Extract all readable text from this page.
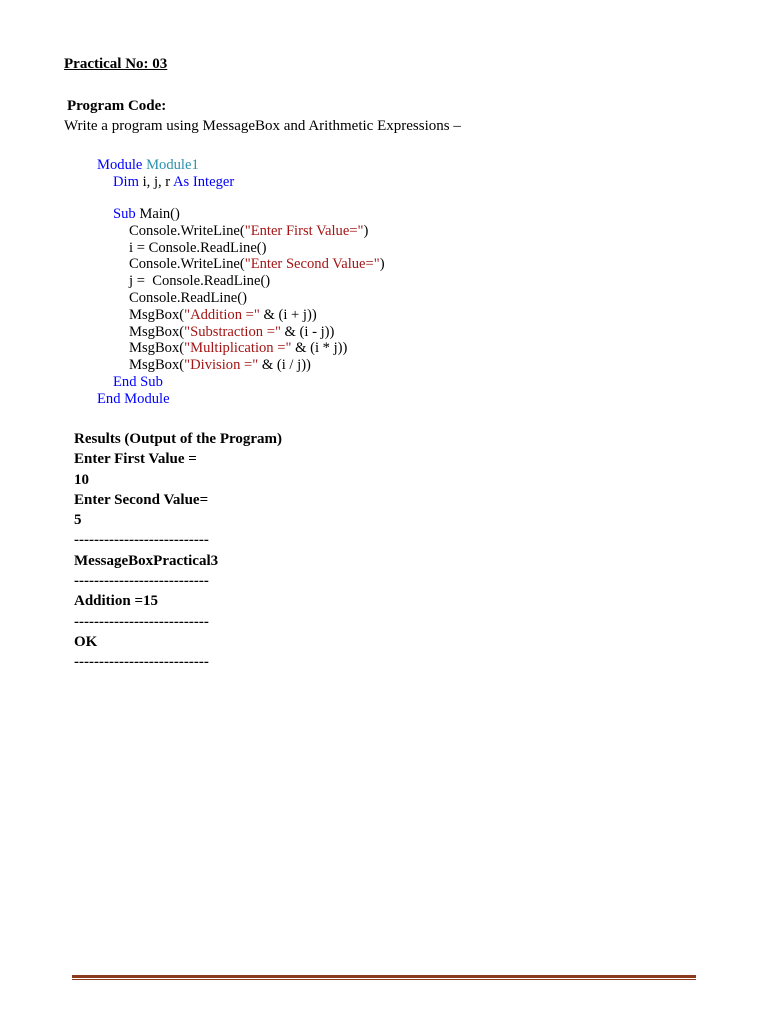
Practical No: 03
Program Code:
Write a program using MessageBox and Arithmetic Expressions –
Module Module1
Dim i, j, r As Integer
Sub Main()
Console.WriteLine("Enter First Value=")
i = Console.ReadLine()
Console.WriteLine("Enter Second Value=")
j =  Console.ReadLine()
Console.ReadLine()
MsgBox("Addition =" & (i + j))
MsgBox("Substraction =" & (i - j))
MsgBox("Multiplication =" & (i * j))
MsgBox("Division =" & (i / j))
End Sub
End Module
Results (Output of the Program)
Enter First Value =
10
Enter Second Value=
5
---------------------------
MessageBoxPractical3
---------------------------
Addition =15
---------------------------
OK
---------------------------
